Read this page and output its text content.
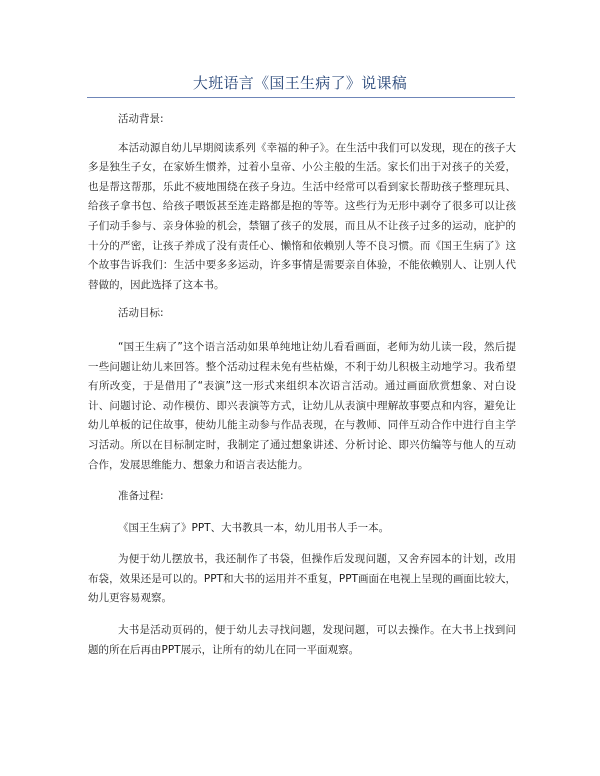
大班语言《国王生病了》说课稿

活动背景:

本活动源自幼儿早期阅读系列《幸福的种子》。在生活中我们可以发现，现在的孩子大多是独生子女，在家娇生惯养，过着小皇帝、小公主般的生活。家长们出于对孩子的关爱，也是帮这帮那，乐此不疲地围绕在孩子身边。生活中经常可以看到家长帮助孩子整理玩具、给孩子拿书包、给孩子喂饭甚至连走路都是抱的等等。这些行为无形中剥夺了很多可以让孩子们动手参与、亲身体验的机会，禁锢了孩子的发展，而且从不让孩子过多的运动，庇护的十分的严密，让孩子养成了没有责任心、懒惰和依赖别人等不良习惯。而《国王生病了》这个故事告诉我们：生活中要多多运动，许多事情是需要亲自体验，不能依赖别人、让别人代替做的，因此选择了这本书。

活动目标:

“国王生病了”这个语言活动如果单纯地让幼儿看看画面，老师为幼儿读一段，然后提一些问题让幼儿来回答。整个活动过程未免有些枯燥，不利于幼儿积极主动地学习。我希望有所改变，于是借用了“表演”这一形式来组织本次语言活动。通过画面欣赏想象、对白设计、问题讨论、动作模仿、即兴表演等方式，让幼儿从表演中理解故事要点和内容，避免让幼儿单板的记住故事，使幼儿能主动参与作品表现，在与教师、同伴互动合作中进行自主学习活动。所以在目标制定时，我制定了通过想象讲述、分析讨论、即兴仿编等与他人的互动合作，发展思维能力、想象力和语言表达能力。

准备过程:

《国王生病了》PPT、大书教具一本，幼儿用书人手一本。

为便于幼儿摆放书，我还制作了书袋，但操作后发现问题，又舍弃园本的计划，改用布袋，效果还是可以的。PPT和大书的运用并不重复，PPT画面在电视上呈现的画面比较大，幼儿更容易观察。

大书是活动页码的，便于幼儿去寻找问题，发现问题，可以去操作。在大书上找到问题的所在后再由PPT展示，让所有的幼儿在同一平面观察。
